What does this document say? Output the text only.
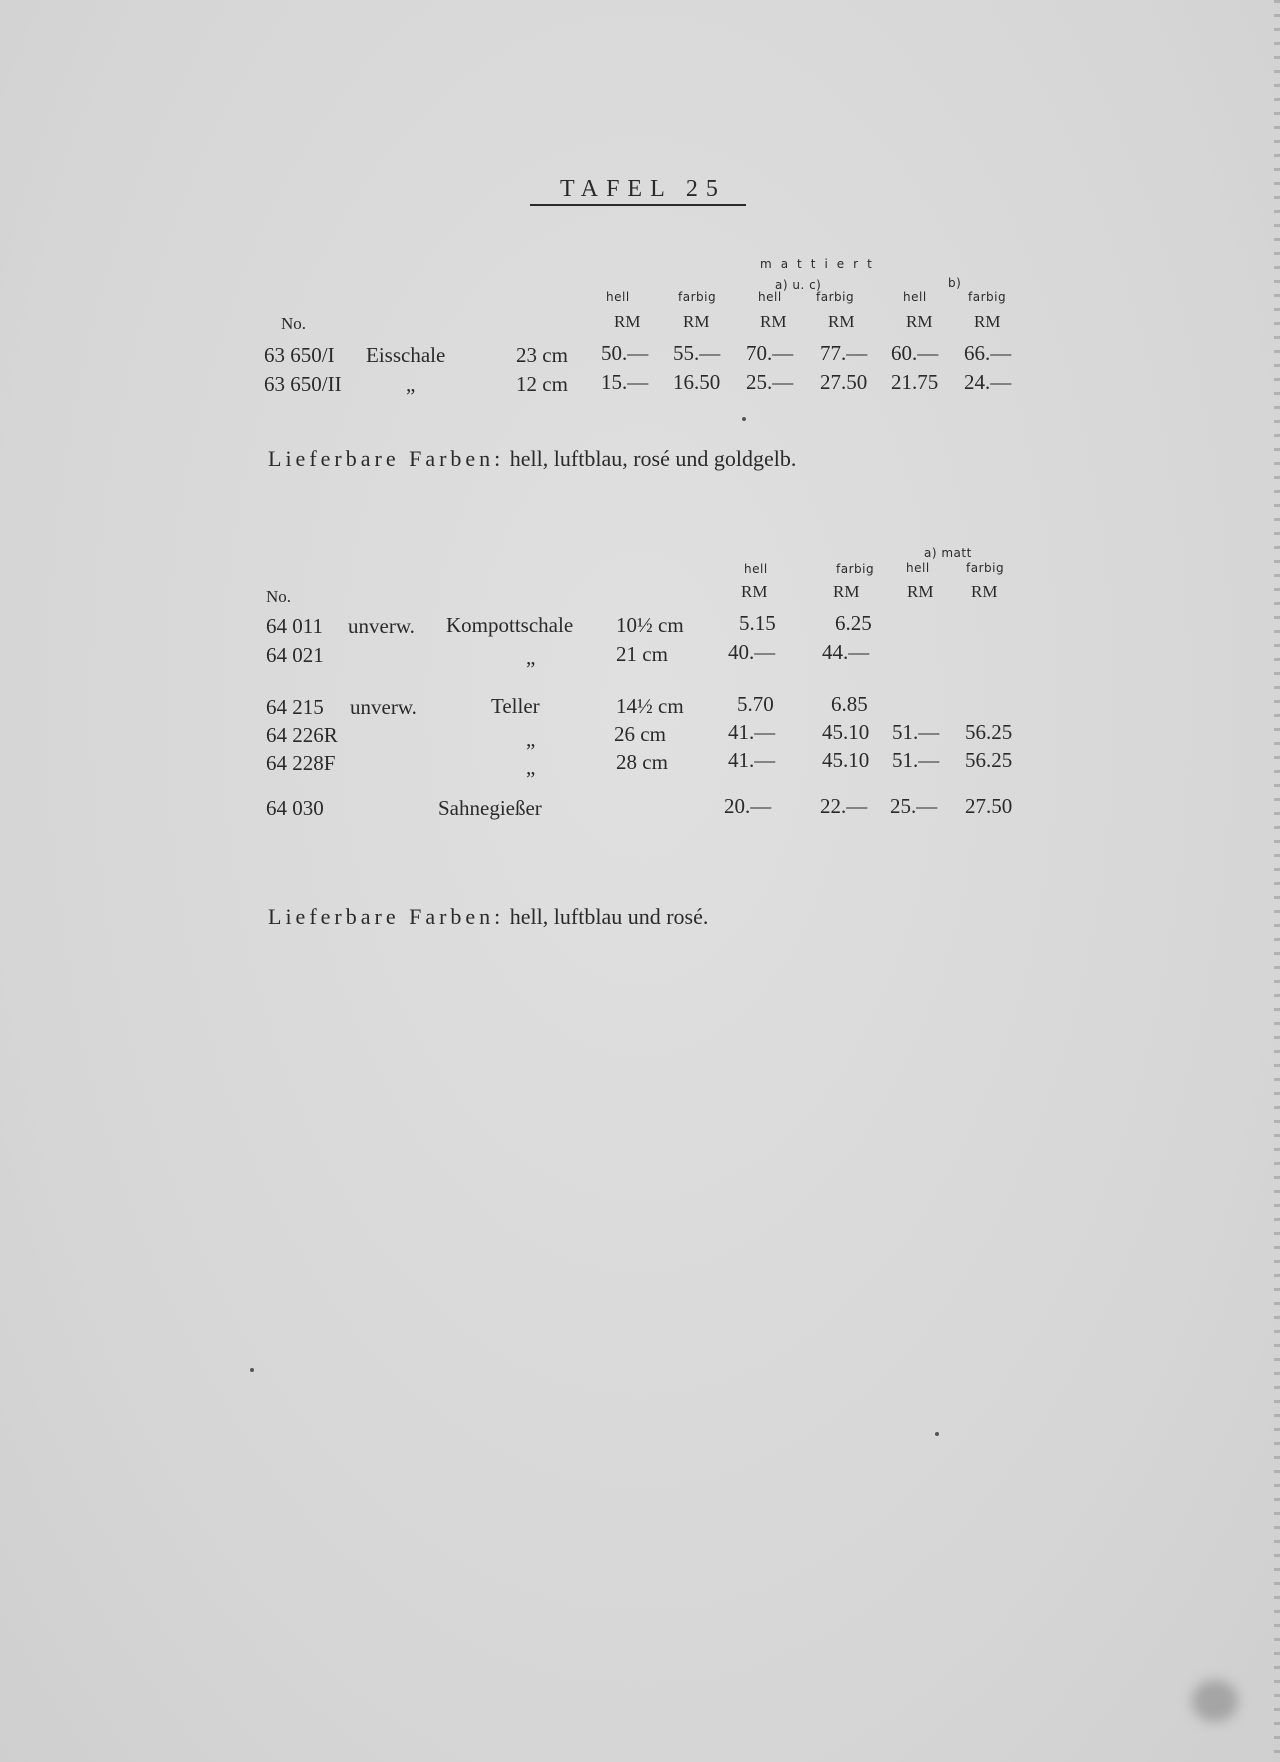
TAFEL 25
mattiert
a) u. c)	b)
hell	farbig	hell	farbig	hell	farbig
No.	RM	RM	RM RM	RM RM
63 650/I Eisschale	23 cm 50.— 55.— 70.— 77.— 60.— 66.—
63 650/II	„	12 cm 15.— 16.50 25.— 27.50 21.75 24.—
Lieferbare Farben: hell, luftblau, rosé und goldgelb.
a) matt
hell	farbig	hell	farbig
No.	RM	RM	RM RM
64 011 unverw. Kompottschale 10½ cm	5.15	6.25
64 021	„	21 cm	40.— 44.—
64 215 unverw.	Teller	14½ cm	5.70	6.85
64 226R	„	26 cm	41.— 45.10 51.— 56.25
64 228F	„	28 cm	41.— 45.10 51.— 56.25
64 030	Sahnegießer	20.— 22.— 25.— 27.50
Lieferbare Farben: hell, luftblau und rosé.
